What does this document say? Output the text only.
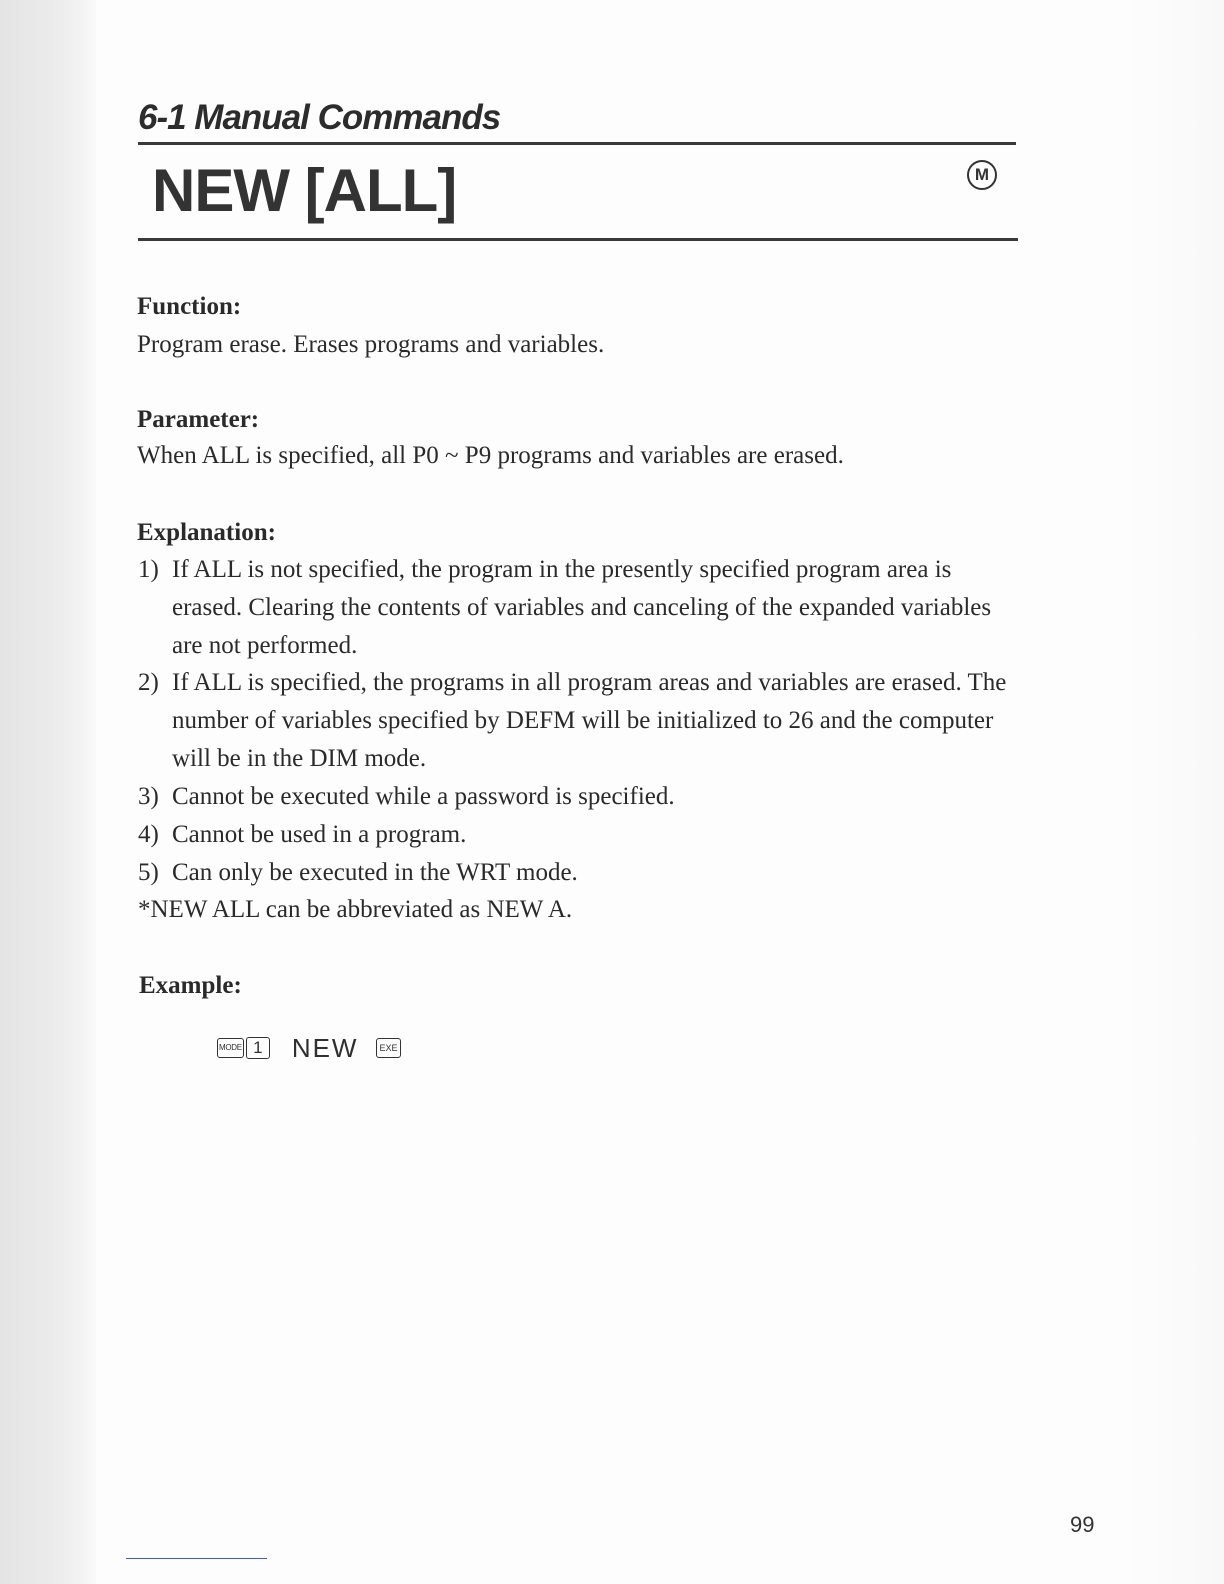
6-1 Manual Commands
NEW [ALL]	M
Function:
Program erase. Erases programs and variables.
Parameter:
When ALL is specified, all P0 ~ P9 programs and variables are erased.
Explanation:
1) If ALL is not specified, the program in the presently specified program area is erased. Clearing the contents of variables and canceling of the expanded variables are not performed.
2) If ALL is specified, the programs in all program areas and variables are erased. The number of variables specified by DEFM will be initialized to 26 and the computer will be in the DIM mode.
3) Cannot be executed while a password is specified.
4) Cannot be used in a program.
5) Can only be executed in the WRT mode.
*NEW ALL can be abbreviated as NEW A.
Example:
MODE 1 NEW	EXE
99
